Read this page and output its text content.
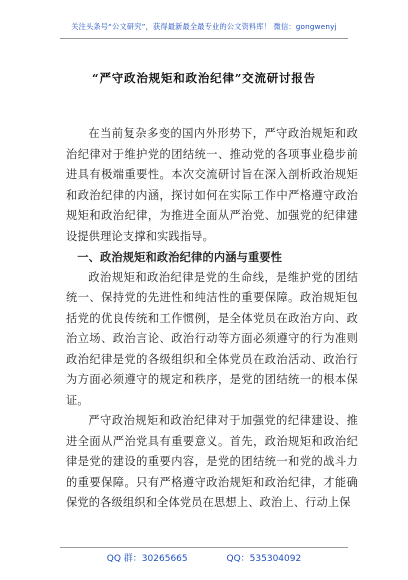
关注头条号“公文研究”，获得最新最全最专业的公文资料库！ 微信：gongwenyj
“严守政治规矩和政治纪律”交流研讨报告

在当前复杂多变的国内外形势下，严守政治规矩和政治纪律对于维护党的团结统一、推动党的各项事业稳步前进具有极端重要性。本次交流研讨旨在深入剖析政治规矩和政治纪律的内涵，探讨如何在实际工作中严格遵守政治规矩和政治纪律，为推进全面从严治党、加强党的纪律建设提供理论支撑和实践指导。

一、政治规矩和政治纪律的内涵与重要性

政治规矩和政治纪律是党的生命线，是维护党的团结统一、保持党的先进性和纯洁性的重要保障。政治规矩包括党的优良传统和工作惯例，是全体党员在政治方向、政治立场、政治言论、政治行动等方面必须遵守的行为准则政治纪律是党的各级组织和全体党员在政治活动、政治行为方面必须遵守的规定和秩序，是党的团结统一的根本保证。

严守政治规矩和政治纪律对于加强党的纪律建设、推进全面从严治党具有重要意义。首先，政治规矩和政治纪律是党的建设的重要内容，是党的团结统一和党的战斗力的重要保障。只有严格遵守政治规矩和政治纪律，才能确保党的各级组织和全体党员在思想上、政治上、行动上保

QQ 群：30265665	QQ：535304092
